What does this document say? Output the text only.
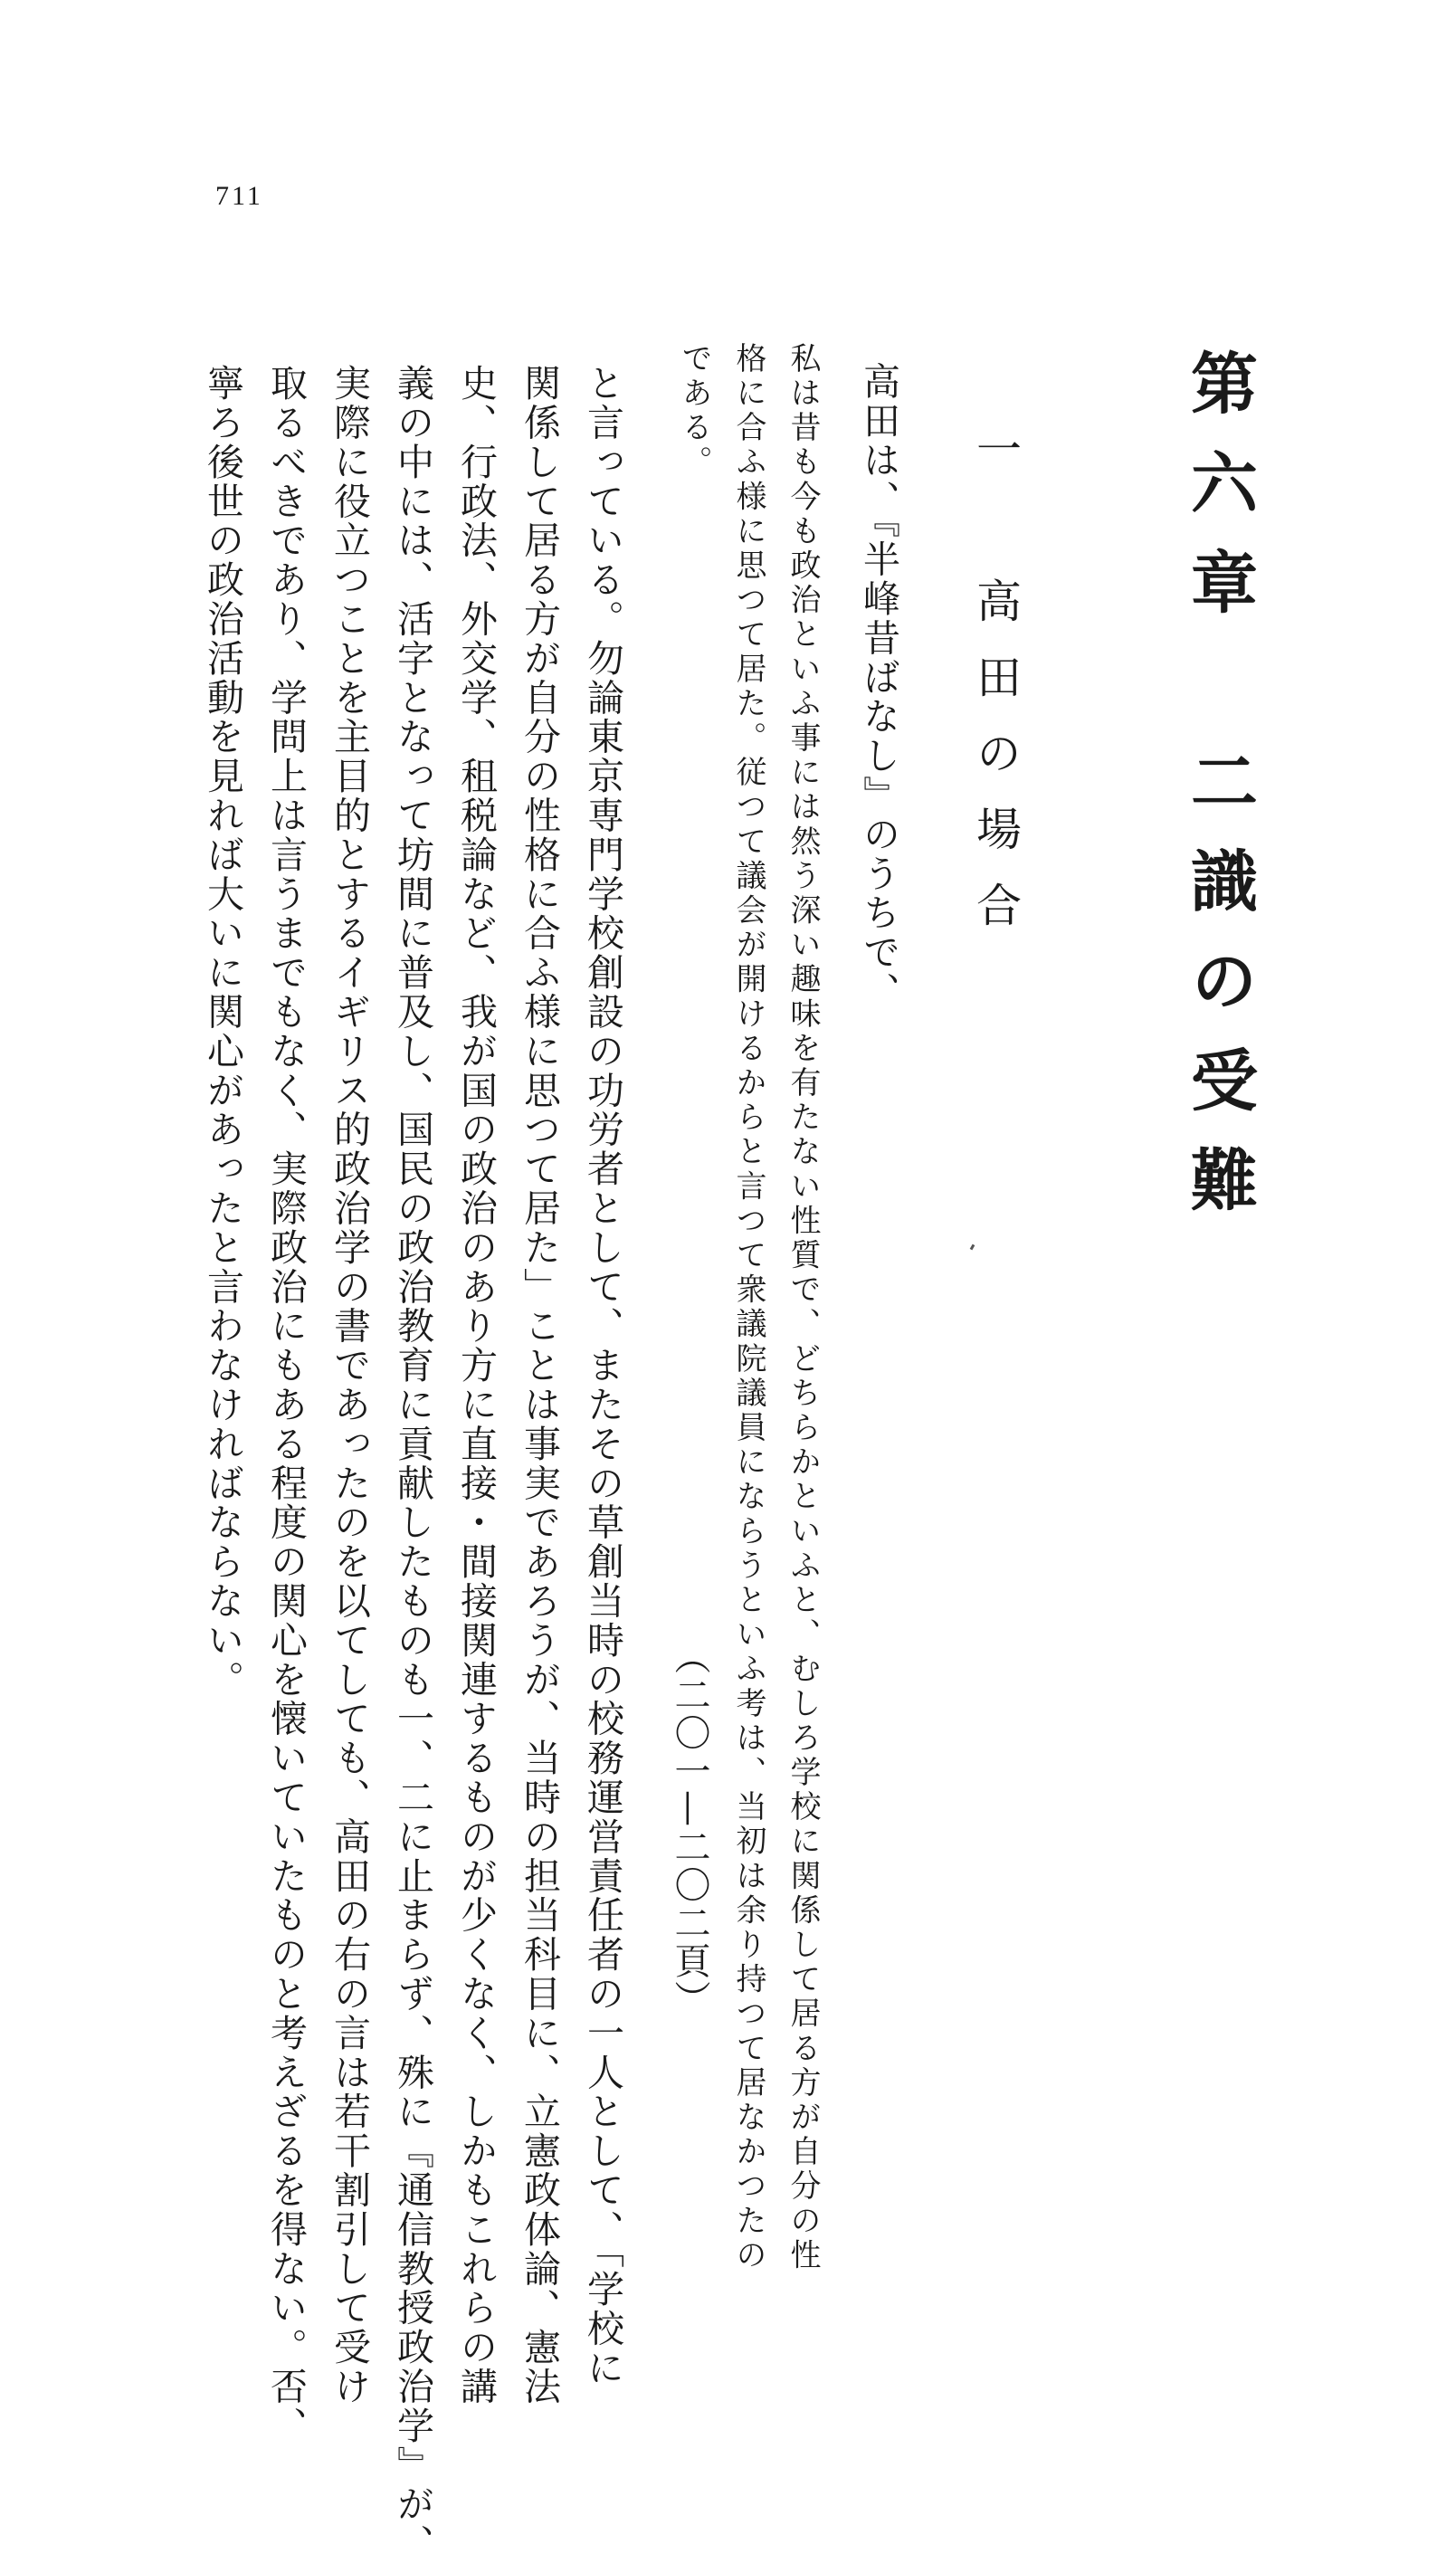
711
第六章　二識の受難
一　高田の場合
高田は、『半峰昔ばなし』のうちで、
私は昔も今も政治といふ事には然う深い趣味を有たない性質で、どちらかといふと、むしろ学校に関係して居る方が自分の性
格に合ふ様に思つて居た。従つて議会が開けるからと言つて衆議院議員にならうといふ考は、当初は余り持つて居なかつたの
である。
（二〇一—二〇二頁）
と言っている。勿論東京専門学校創設の功労者として、またその草創当時の校務運営責任者の一人として、「学校に
関係して居る方が自分の性格に合ふ様に思つて居た」ことは事実であろうが、当時の担当科目に、立憲政体論、憲法
史、行政法、外交学、租税論など、我が国の政治のあり方に直接・間接関連するものが少くなく、しかもこれらの講
義の中には、活字となって坊間に普及し、国民の政治教育に貢献したものも一、二に止まらず、殊に『通信教授政治学』が、
実際に役立つことを主目的とするイギリス的政治学の書であったのを以てしても、高田の右の言は若干割引して受け
取るべきであり、学問上は言うまでもなく、実際政治にもある程度の関心を懐いていたものと考えざるを得ない。否、
寧ろ後世の政治活動を見れば大いに関心があったと言わなければならない。
